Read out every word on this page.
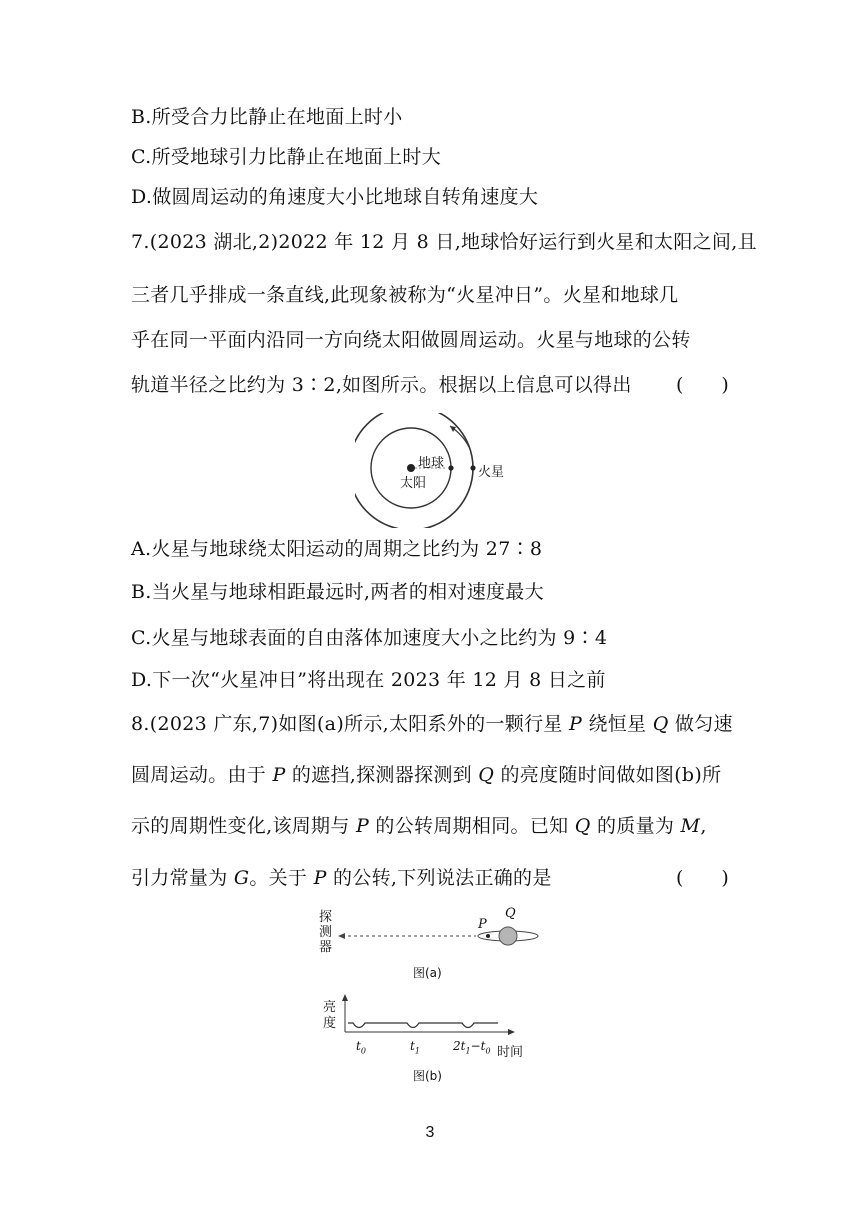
B.所受合力比静止在地面上时小
C.所受地球引力比静止在地面上时大
D.做圆周运动的角速度大小比地球自转角速度大
7.(2023 湖北,2)2022 年 12 月 8 日,地球恰好运行到火星和太阳之间,且
三者几乎排成一条直线,此现象被称为“火星冲日”。火星和地球几
乎在同一平面内沿同一方向绕太阳做圆周运动。火星与地球的公转
轨道半径之比约为 3∶2,如图所示。根据以上信息可以得出 (　　)
地球
太阳
火星
A.火星与地球绕太阳运动的周期之比约为 27∶8
B.当火星与地球相距最远时,两者的相对速度最大
C.火星与地球表面的自由落体加速度大小之比约为 9∶4
D.下一次“火星冲日”将出现在 2023 年 12 月 8 日之前
8.(2023 广东,7)如图(a)所示,太阳系外的一颗行星 P 绕恒星 Q 做匀速
圆周运动。由于 P 的遮挡,探测器探测到 Q 的亮度随时间做如图(b)所
示的周期性变化,该周期与 P 的公转周期相同。已知 Q 的质量为 M,
引力常量为 G。关于 P 的公转,下列说法正确的是	(　　)
探
测
器
P
Q
图(a)
亮
度
$t_0$	$t_1$	$2t_1-t_0$ 时间
图(b)
3
